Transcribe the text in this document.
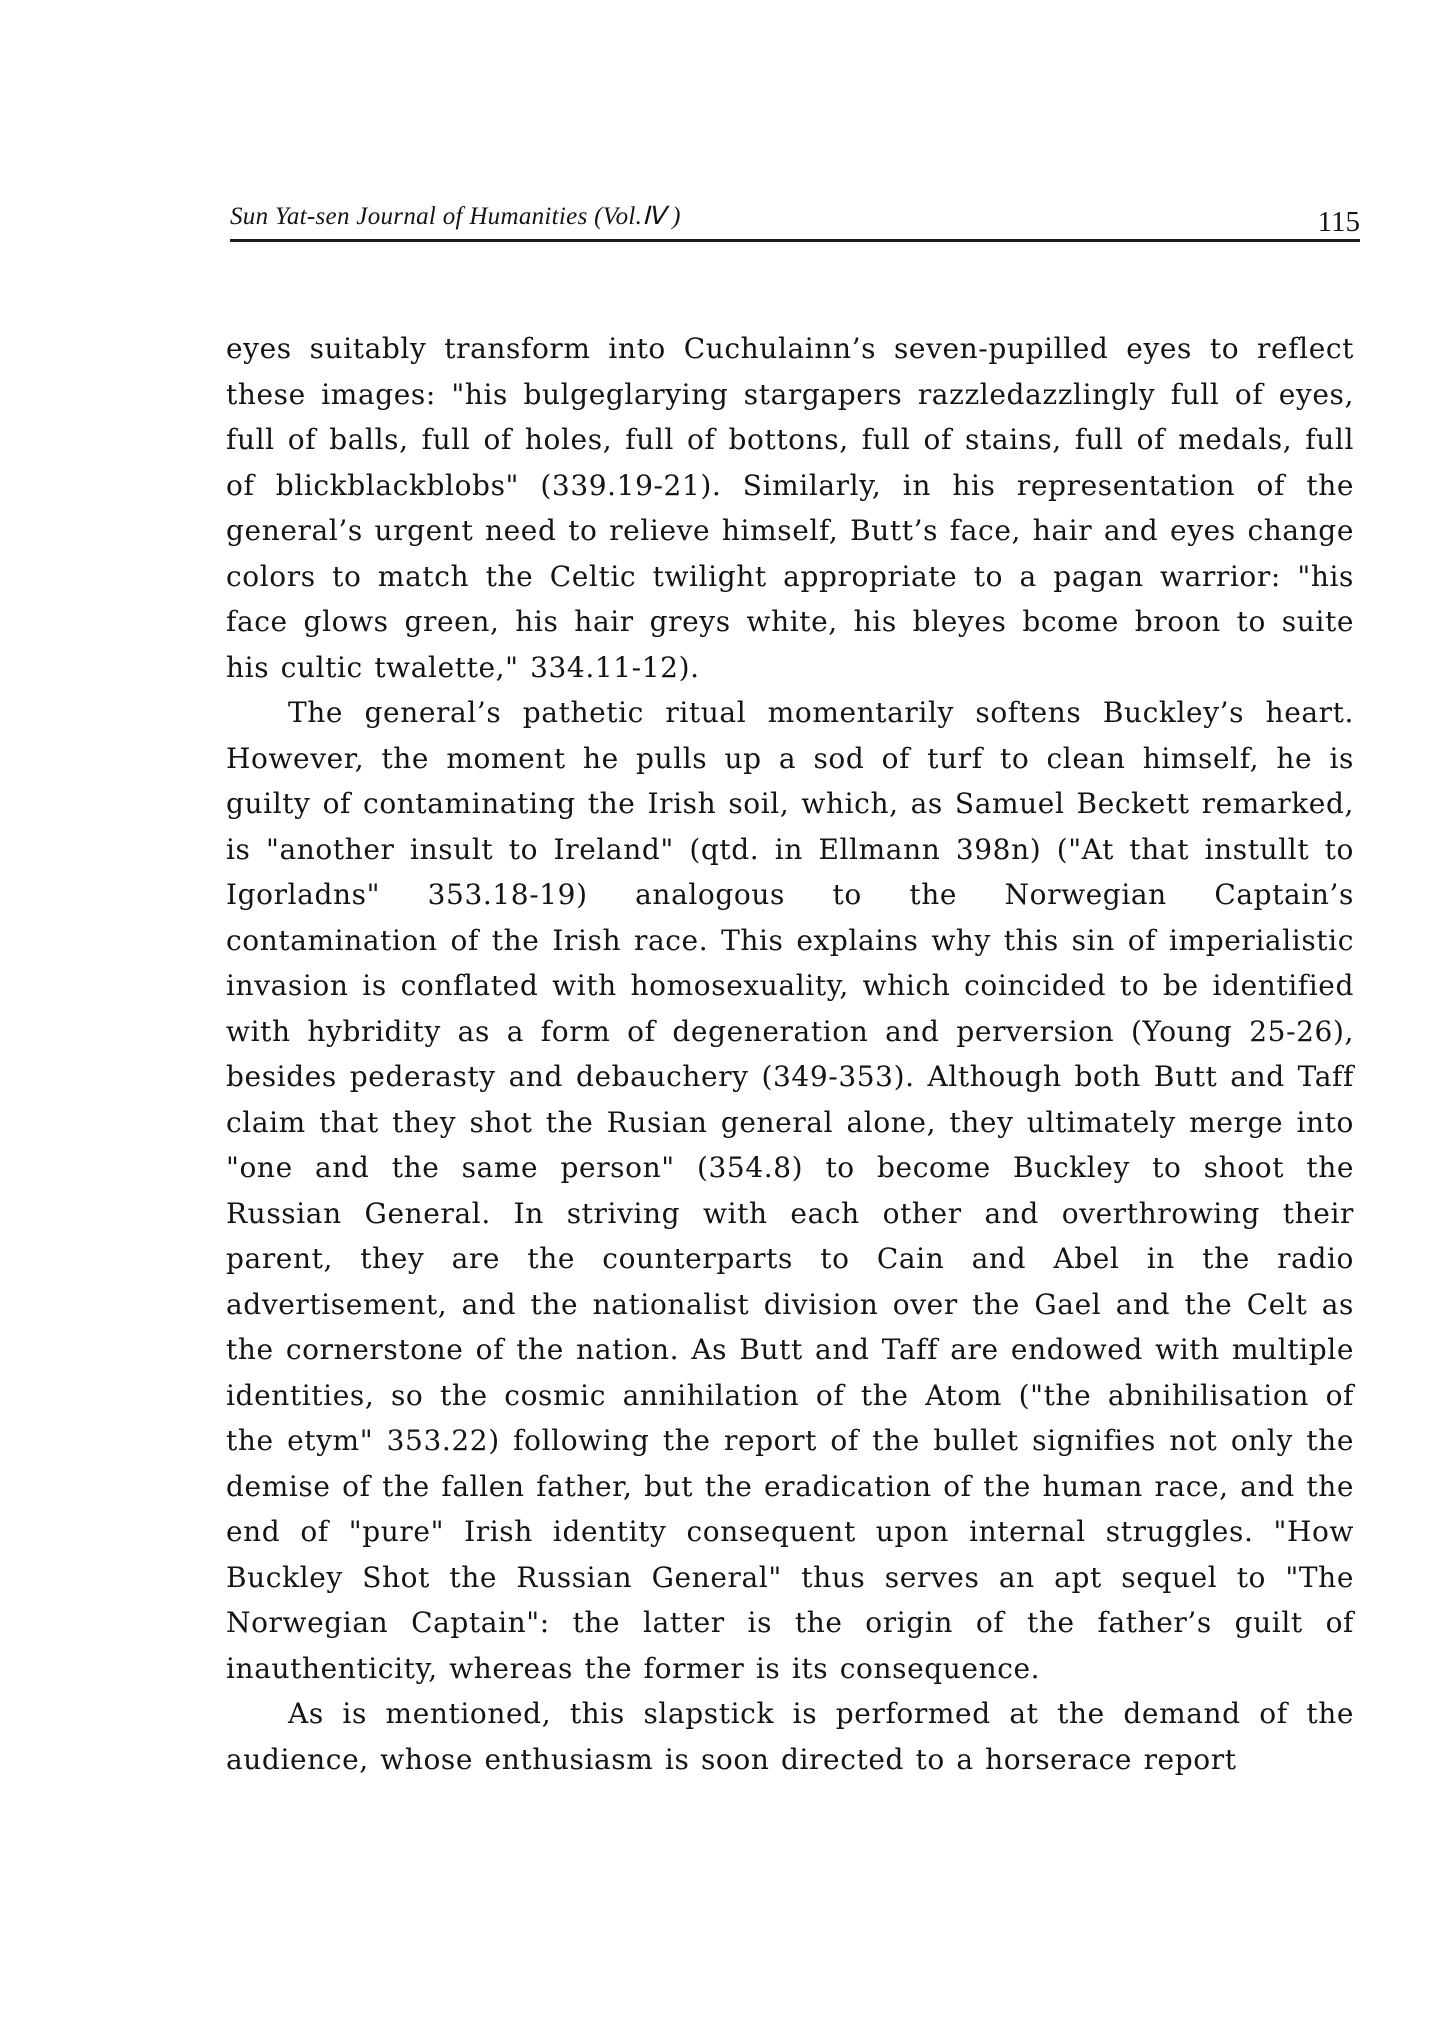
Sun Yat-sen Journal of Humanities (Vol.Ⅳ )	115

eyes suitably transform into Cuchulainn’s seven-pupilled eyes to reflect these images: "his bulgeglarying stargapers razzledazzlingly full of eyes, full of balls, full of holes, full of bottons, full of stains, full of medals, full of blickblackblobs" (339.19-21). Similarly, in his representation of the general’s urgent need to relieve himself, Butt’s face, hair and eyes change colors to match the Celtic twilight appropriate to a pagan warrior: "his face glows green, his hair greys white, his bleyes bcome broon to suite his cultic twalette," 334.11-12).

The general’s pathetic ritual momentarily softens Buckley’s heart. However, the moment he pulls up a sod of turf to clean himself, he is guilty of contaminating the Irish soil, which, as Samuel Beckett remarked, is "another insult to Ireland" (qtd. in Ellmann 398n) ("At that instullt to Igorladns" 353.18-19) analogous to the Norwegian Captain’s contamination of the Irish race. This explains why this sin of imperialistic invasion is conflated with homosexuality, which coincided to be identified with hybridity as a form of degeneration and perversion (Young 25-26), besides pederasty and debauchery (349-353). Although both Butt and Taff claim that they shot the Rusian general alone, they ultimately merge into "one and the same person" (354.8) to become Buckley to shoot the Russian General. In striving with each other and overthrowing their parent, they are the counterparts to Cain and Abel in the radio advertisement, and the nationalist division over the Gael and the Celt as the cornerstone of the nation. As Butt and Taff are endowed with multiple identities, so the cosmic annihilation of the Atom ("the abnihilisation of the etym" 353.22) following the report of the bullet signifies not only the demise of the fallen father, but the eradication of the human race, and the end of "pure" Irish identity consequent upon internal struggles. "How Buckley Shot the Russian General" thus serves an apt sequel to "The Norwegian Captain": the latter is the origin of the father’s guilt of inauthenticity, whereas the former is its consequence.

As is mentioned, this slapstick is performed at the demand of the audience, whose enthusiasm is soon directed to a horserace report
